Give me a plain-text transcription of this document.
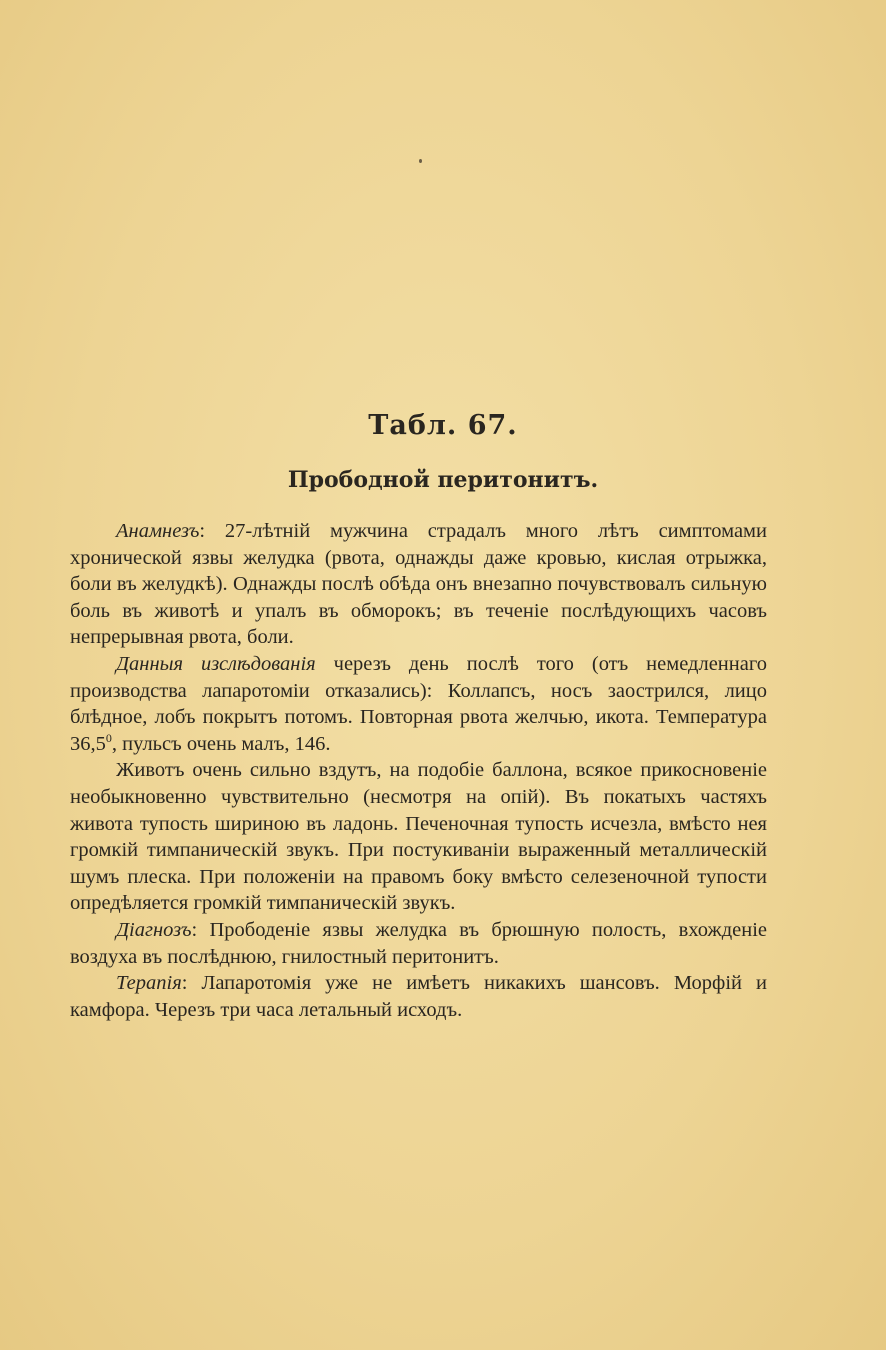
Табл. 67.
Прободной перитонитъ.

Анамнезъ: 27-лѣтній мужчина страдалъ много лѣтъ симптомами хронической язвы желудка (рвота, однажды даже кровью, кислая отрыжка, боли въ желудкѣ). Однажды послѣ обѣда онъ внезапно почувствовалъ сильную боль въ животѣ и упалъ въ обморокъ; въ теченіе послѣдующихъ часовъ непрерывная рвота, боли.

Данныя изслѣдованія черезъ день послѣ того (отъ немедленнаго производства лапаротоміи отказались): Коллапсъ, носъ заострился, лицо блѣдное, лобъ покрытъ потомъ. Повторная рвота желчью, икота. Температура 36,5$^0$, пульсъ очень малъ, 146.

Животъ очень сильно вздутъ, на подобіе баллона, всякое прикосновеніе необыкновенно чувствительно (несмотря на опій). Въ покатыхъ частяхъ живота тупость шириною въ ладонь. Печеночная тупость исчезла, вмѣсто нея громкій тимпаническій звукъ. При постукиваніи выраженный металлическій шумъ плеска. При положеніи на правомъ боку вмѣсто селезеночной тупости опредѣляется громкій тимпаническій звукъ.

Діагнозъ: Прободеніе язвы желудка въ брюшную полость, вхожденіе воздуха въ послѣднюю, гнилостный перитонитъ.

Терапія: Лапаротомія уже не имѣетъ никакихъ шансовъ. Морфій и камфора. Черезъ три часа летальный исходъ.
